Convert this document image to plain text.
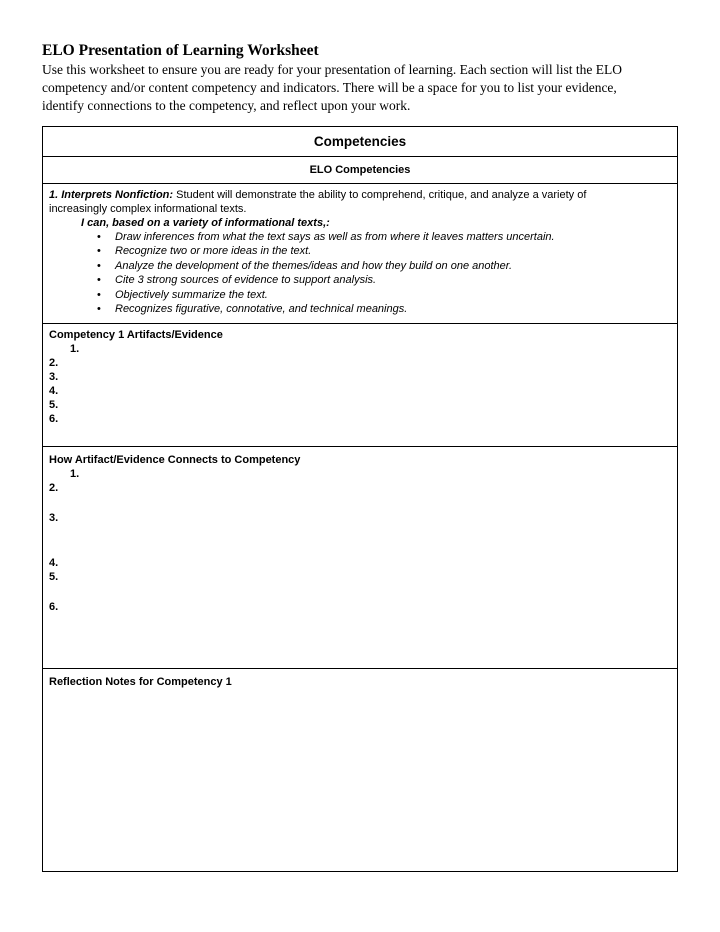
ELO Presentation of Learning Worksheet
Use this worksheet to ensure you are ready for your presentation of learning. Each section will list the ELO
competency and/or content competency and indicators. There will be a space for you to list your evidence,
identify connections to the competency, and reflect upon your work.
Competencies
ELO Competencies
1. Interprets Nonfiction: Student will demonstrate the ability to comprehend, critique, and analyze a variety of
increasingly complex informational texts.
I can, based on a variety of informational texts,:
• Draw inferences from what the text says as well as from where it leaves matters uncertain.
• Recognize two or more ideas in the text.
• Analyze the development of the themes/ideas and how they build on one another.
• Cite 3 strong sources of evidence to support analysis.
• Objectively summarize the text.
• Recognizes figurative, connotative, and technical meanings.
Competency 1 Artifacts/Evidence
1.
2.
3.
4.
5.
6.
How Artifact/Evidence Connects to Competency
1.
2.
3.
4.
5.
6.
Reflection Notes for Competency 1
